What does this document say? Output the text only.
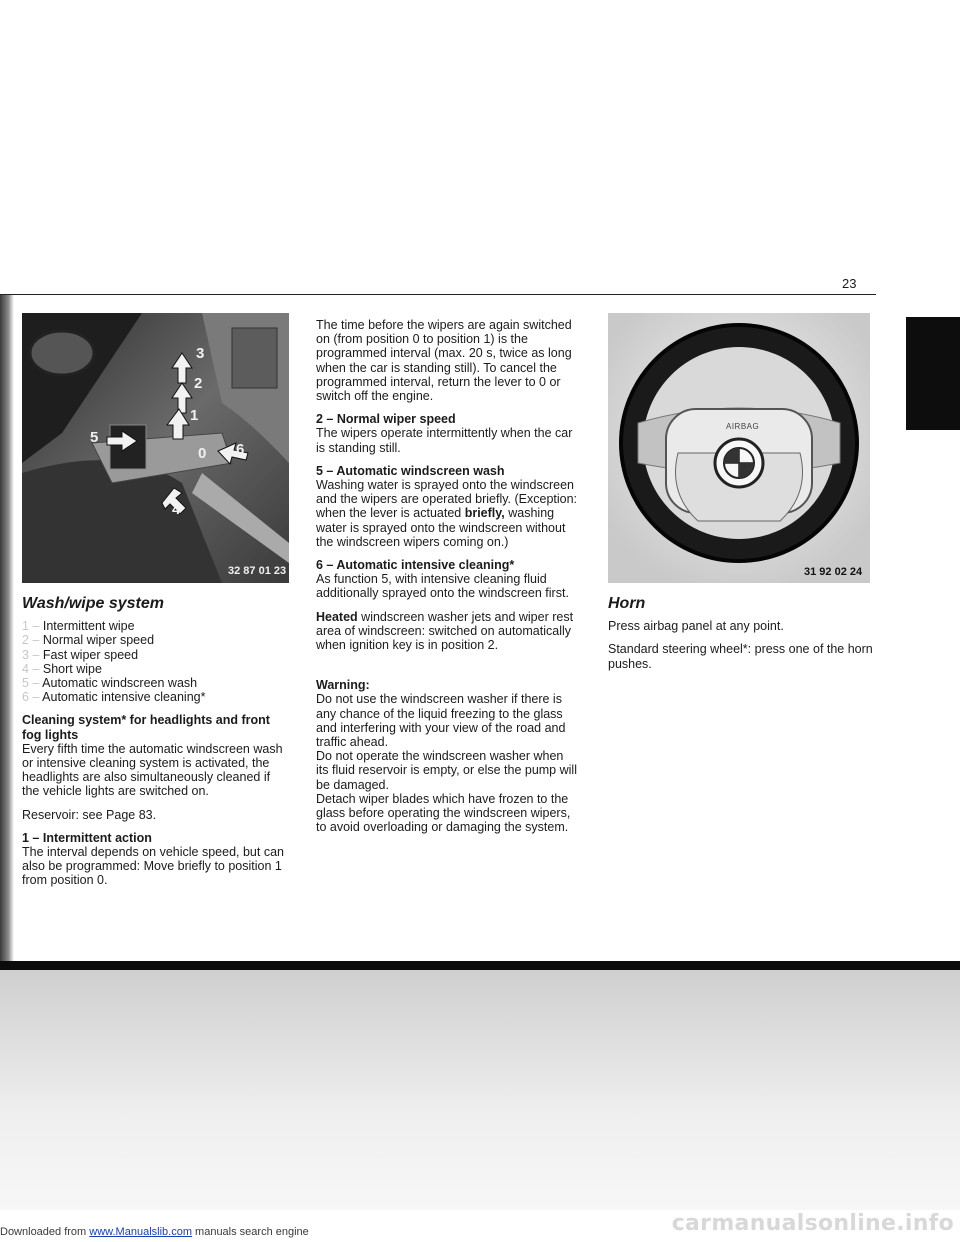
23
3
2
1
5
0 6
4
32 87 01 23
Wash/wipe system
1 – Intermittent wipe
2 – Normal wiper speed
3 – Fast wiper speed
4 – Short wipe
5 – Automatic windscreen wash
6 – Automatic intensive cleaning*

Cleaning system* for headlights and front fog lights
Every fifth time the automatic windscreen wash or intensive cleaning system is activated, the headlights are also simultaneously cleaned if the vehicle lights are switched on.

Reservoir: see Page 83.

1 – Intermittent action
The interval depends on vehicle speed, but can also be programmed: Move briefly to position 1 from position 0.

The time before the wipers are again switched on (from position 0 to position 1) is the programmed interval (max. 20 s, twice as long when the car is standing still). To cancel the programmed interval, return the lever to 0 or switch off the engine.

2 – Normal wiper speed
The wipers operate intermittently when the car is standing still.

5 – Automatic windscreen wash
Washing water is sprayed onto the windscreen and the wipers are operated briefly. (Exception: when the lever is actuated briefly, washing water is sprayed onto the windscreen without the windscreen wipers coming on.)

6 – Automatic intensive cleaning*
As function 5, with intensive cleaning fluid additionally sprayed onto the windscreen first.

Heated windscreen washer jets and wiper rest area of windscreen: switched on automatically when ignition key is in position 2.

Warning:
Do not use the windscreen washer if there is any chance of the liquid freezing to the glass and interfering with your view of the road and traffic ahead.
Do not operate the windscreen washer when its fluid reservoir is empty, or else the pump will be damaged.
Detach wiper blades which have frozen to the glass before operating the windscreen wipers, to avoid overloading or damaging the system.

AIRBAG
31 92 02 24
Horn

Press airbag panel at any point.

Standard steering wheel*: press one of the horn pushes.

Downloaded from www.Manualslib.com manuals search engine	carmanualsonline.info
